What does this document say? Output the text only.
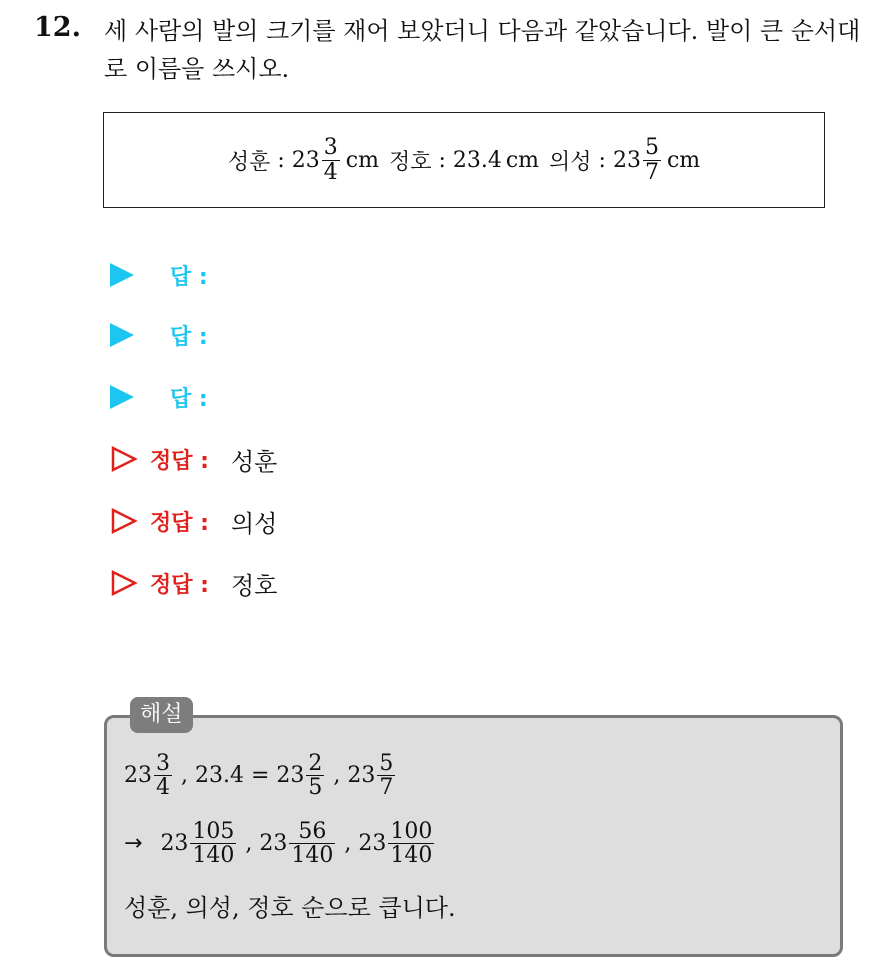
12. 세 사람의 발의 크기를 재어 보았더니 다음과 같았습니다. 발이 큰 순서대로 이름을 쓰시오.
성훈 : $23 \frac{3}{4}$ cm 정호 : 23.4 cm 의성 : $23 \frac{5}{7}$ cm
답 :
답 :
답 :
정답 : 성훈
정답 : 의성
정답 : 정호
해설
$23 \frac{3}{4}$ , $23.4 = 23 \frac{2}{5}$ , $23 \frac{5}{7}$
→ $23 \frac{105}{140}$ , $23 \frac{56}{140}$ , $23 \frac{100}{140}$
성훈, 의성, 정호 순으로 큽니다.
